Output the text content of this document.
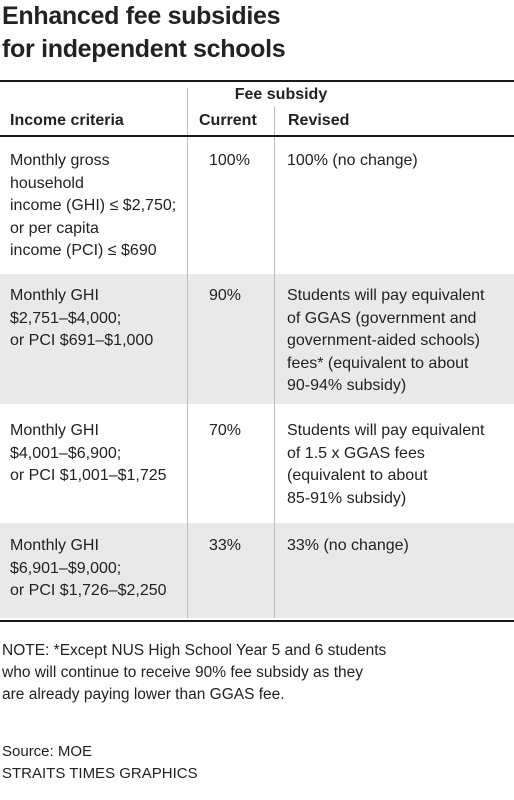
Enhanced fee subsidies
for independent schools
Fee subsidy
Income criteria	Current Revised
Monthly gross
household
income (GHI) ≤ $2,750;
or per capita
income (PCI) ≤ $690
100%	100% (no change)
Monthly GHI
$2,751–$4,000;
or PCI $691–$1,000
90%	Students will pay equivalent
of GGAS (government and
government-aided schools)
fees* (equivalent to about
90-94% subsidy)
Monthly GHI
$4,001–$6,900;
or PCI $1,001–$1,725
70%	Students will pay equivalent
of 1.5 x GGAS fees
(equivalent to about
85-91% subsidy)
Monthly GHI
$6,901–$9,000;
or PCI $1,726–$2,250
33%	33% (no change)
NOTE: *Except NUS High School Year 5 and 6 students
who will continue to receive 90% fee subsidy as they
are already paying lower than GGAS fee.
Source: MOE
STRAITS TIMES GRAPHICS
